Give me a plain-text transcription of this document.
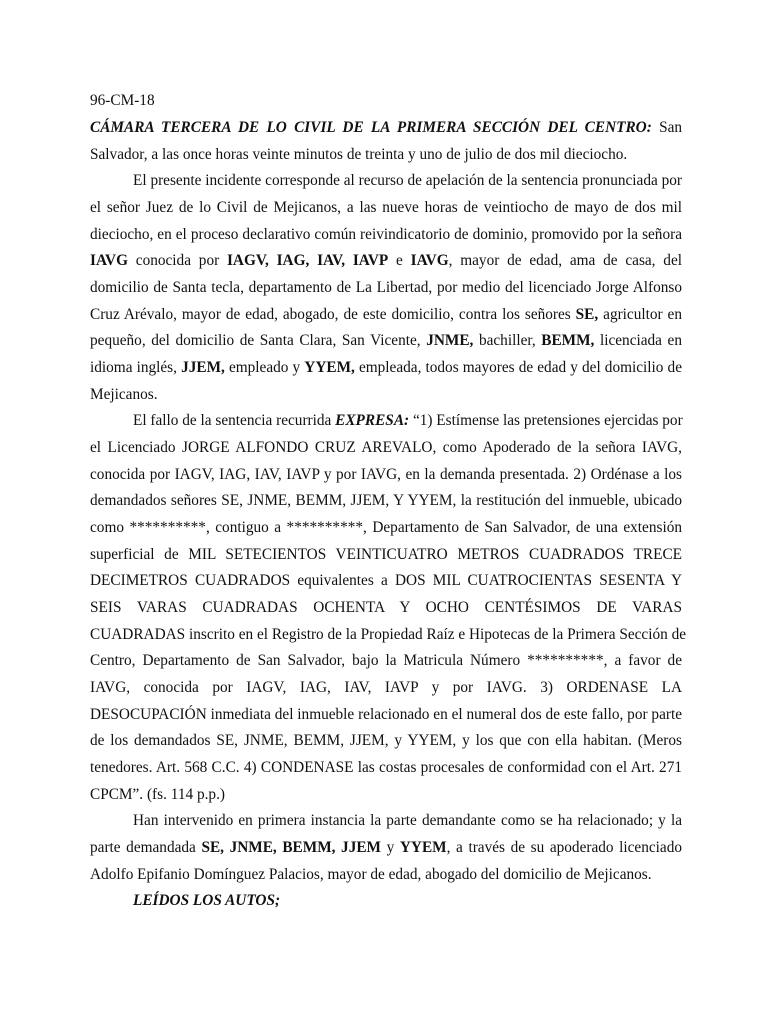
96-CM-18
CÁMARA TERCERA DE LO CIVIL DE LA PRIMERA SECCIÓN DEL CENTRO: San
Salvador, a las once horas veinte minutos de treinta y uno de julio de dos mil dieciocho.
El presente incidente corresponde al recurso de apelación de la sentencia pronunciada por
el señor Juez de lo Civil de Mejicanos, a las nueve horas de veintiocho de mayo de dos mil
dieciocho, en el proceso declarativo común reivindicatorio de dominio, promovido por la señora
IAVG conocida por IAGV, IAG, IAV, IAVP e IAVG, mayor de edad, ama de casa, del
domicilio de Santa tecla, departamento de La Libertad, por medio del licenciado Jorge Alfonso
Cruz Arévalo, mayor de edad, abogado, de este domicilio, contra los señores SE, agricultor en
pequeño, del domicilio de Santa Clara, San Vicente, JNME, bachiller, BEMM, licenciada en
idioma inglés, JJEM, empleado y YYEM, empleada, todos mayores de edad y del domicilio de
Mejicanos.
El fallo de la sentencia recurrida EXPRESA: “1) Estímense las pretensiones ejercidas por
el Licenciado JORGE ALFONDO CRUZ AREVALO, como Apoderado de la señora IAVG,
conocida por IAGV, IAG, IAV, IAVP y por IAVG, en la demanda presentada. 2) Ordénase a los
demandados señores SE, JNME, BEMM, JJEM, Y YYEM, la restitución del inmueble, ubicado
como **********, contiguo a **********, Departamento de San Salvador, de una extensión
superficial de MIL SETECIENTOS VEINTICUATRO METROS CUADRADOS TRECE
DECIMETROS CUADRADOS equivalentes a DOS MIL CUATROCIENTAS SESENTA Y
SEIS VARAS CUADRADAS OCHENTA Y OCHO CENTÉSIMOS DE VARAS
CUADRADAS inscrito en el Registro de la Propiedad Raíz e Hipotecas de la Primera Sección de
Centro, Departamento de San Salvador, bajo la Matricula Número **********, a favor de
IAVG, conocida por IAGV, IAG, IAV, IAVP y por IAVG. 3) ORDENASE LA
DESOCUPACIÓN inmediata del inmueble relacionado en el numeral dos de este fallo, por parte
de los demandados SE, JNME, BEMM, JJEM, y YYEM, y los que con ella habitan. (Meros
tenedores. Art. 568 C.C. 4) CONDENASE las costas procesales de conformidad con el Art. 271
CPCM”. (fs. 114 p.p.)
Han intervenido en primera instancia la parte demandante como se ha relacionado; y la
parte demandada SE, JNME, BEMM, JJEM y YYEM, a través de su apoderado licenciado
Adolfo Epifanio Domínguez Palacios, mayor de edad, abogado del domicilio de Mejicanos.
LEÍDOS LOS AUTOS;
